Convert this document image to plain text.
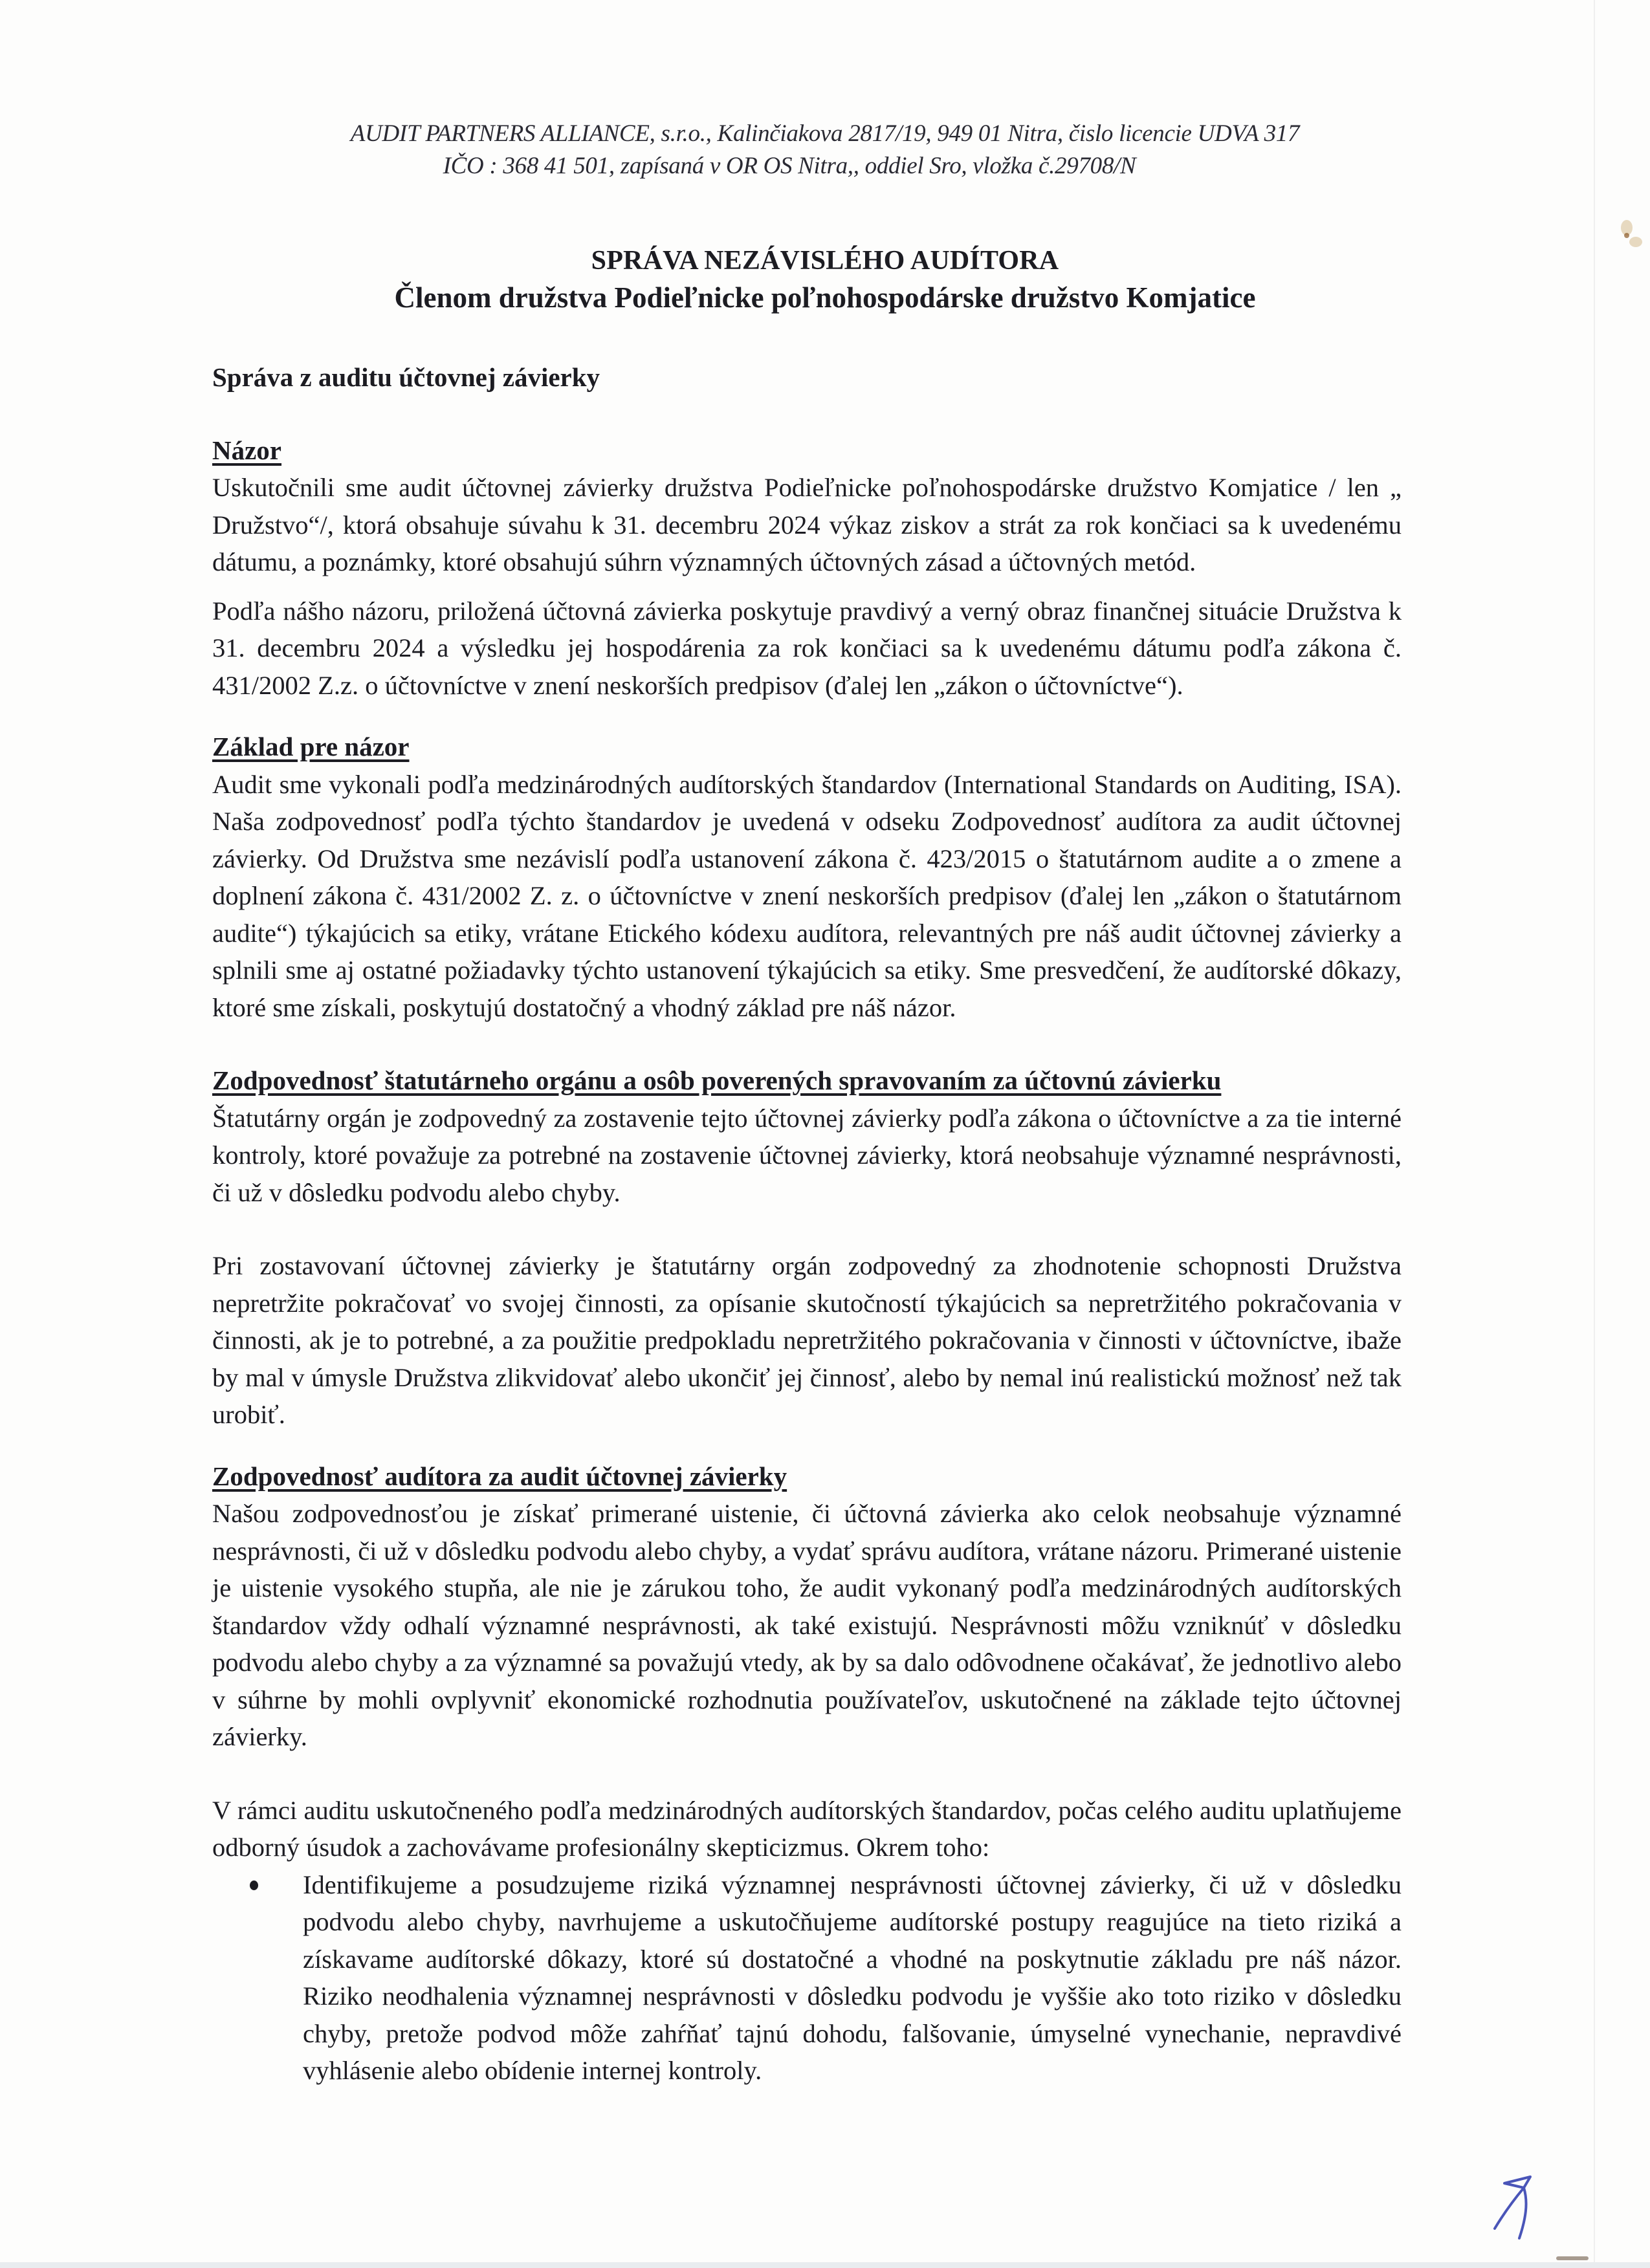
AUDIT PARTNERS ALLIANCE, s.r.o., Kalinčiakova 2817/19, 949 01 Nitra, čislo licencie UDVA 317
IČO : 368 41 501, zapísaná v OR OS Nitra,, oddiel Sro, vložka č.29708/N
SPRÁVA NEZÁVISLÉHO AUDÍTORA
Členom družstva Podieľnicke poľnohospodárske družstvo Komjatice
Správa z auditu účtovnej závierky
Názor

Uskutočnili sme audit účtovnej závierky družstva Podieľnicke poľnohospodárske družstvo Komjatice / len „ Družstvo“/, ktorá obsahuje súvahu k 31. decembru 2024 výkaz ziskov a strát za rok končiaci sa k uvedenému dátumu, a poznámky, ktoré obsahujú súhrn významných účtovných zásad a účtovných metód.

Podľa nášho názoru, priložená účtovná závierka poskytuje pravdivý a verný obraz finančnej situácie Družstva k 31. decembru 2024 a výsledku jej hospodárenia za rok končiaci sa k uvedenému dátumu podľa zákona č. 431/2002 Z.z. o účtovníctve v znení neskorších predpisov (ďalej len „zákon o účtovníctve“).

Základ pre názor

Audit sme vykonali podľa medzinárodných audítorských štandardov (International Standards on Auditing, ISA). Naša zodpovednosť podľa týchto štandardov je uvedená v odseku Zodpovednosť audítora za audit účtovnej závierky. Od Družstva sme nezávislí podľa ustanovení zákona č. 423/2015 o štatutárnom audite a o zmene a doplnení zákona č. 431/2002 Z. z. o účtovníctve v znení neskorších predpisov (ďalej len „zákon o štatutárnom audite“) týkajúcich sa etiky, vrátane Etického kódexu audítora, relevantných pre náš audit účtovnej závierky a splnili sme aj ostatné požiadavky týchto ustanovení týkajúcich sa etiky. Sme presvedčení, že audítorské dôkazy, ktoré sme získali, poskytujú dostatočný a vhodný základ pre náš názor.

Zodpovednosť štatutárneho orgánu a osôb poverených spravovaním za účtovnú závierku

Štatutárny orgán je zodpovedný za zostavenie tejto účtovnej závierky podľa zákona o účtovníctve a za tie interné kontroly, ktoré považuje za potrebné na zostavenie účtovnej závierky, ktorá neobsahuje významné nesprávnosti, či už v dôsledku podvodu alebo chyby.

Pri zostavovaní účtovnej závierky je štatutárny orgán zodpovedný za zhodnotenie schopnosti Družstva nepretržite pokračovať vo svojej činnosti, za opísanie skutočností týkajúcich sa nepretržitého pokračovania v činnosti, ak je to potrebné, a za použitie predpokladu nepretržitého pokračovania v činnosti v účtovníctve, ibaže by mal v úmysle Družstva zlikvidovať alebo ukončiť jej činnosť, alebo by nemal inú realistickú možnosť než tak urobiť.

Zodpovednosť audítora za audit účtovnej závierky

Našou zodpovednosťou je získať primerané uistenie, či účtovná závierka ako celok neobsahuje významné nesprávnosti, či už v dôsledku podvodu alebo chyby, a vydať správu audítora, vrátane názoru. Primerané uistenie je uistenie vysokého stupňa, ale nie je zárukou toho, že audit vykonaný podľa medzinárodných audítorských štandardov vždy odhalí významné nesprávnosti, ak také existujú. Nesprávnosti môžu vzniknúť v dôsledku podvodu alebo chyby a za významné sa považujú vtedy, ak by sa dalo odôvodnene očakávať, že jednotlivo alebo v súhrne by mohli ovplyvniť ekonomické rozhodnutia používateľov, uskutočnené na základe tejto účtovnej závierky.

V rámci auditu uskutočneného podľa medzinárodných audítorských štandardov, počas celého auditu uplatňujeme odborný úsudok a zachovávame profesionálny skepticizmus. Okrem toho:

Identifikujeme a posudzujeme riziká významnej nesprávnosti účtovnej závierky, či už v dôsledku podvodu alebo chyby, navrhujeme a uskutočňujeme audítorské postupy reagujúce na tieto riziká a získavame audítorské dôkazy, ktoré sú dostatočné a vhodné na poskytnutie základu pre náš názor. Riziko neodhalenia významnej nesprávnosti v dôsledku podvodu je vyššie ako toto riziko v dôsledku chyby, pretože podvod môže zahŕňať tajnú dohodu, falšovanie, úmyselné vynechanie, nepravdivé vyhlásenie alebo obídenie internej kontroly.
